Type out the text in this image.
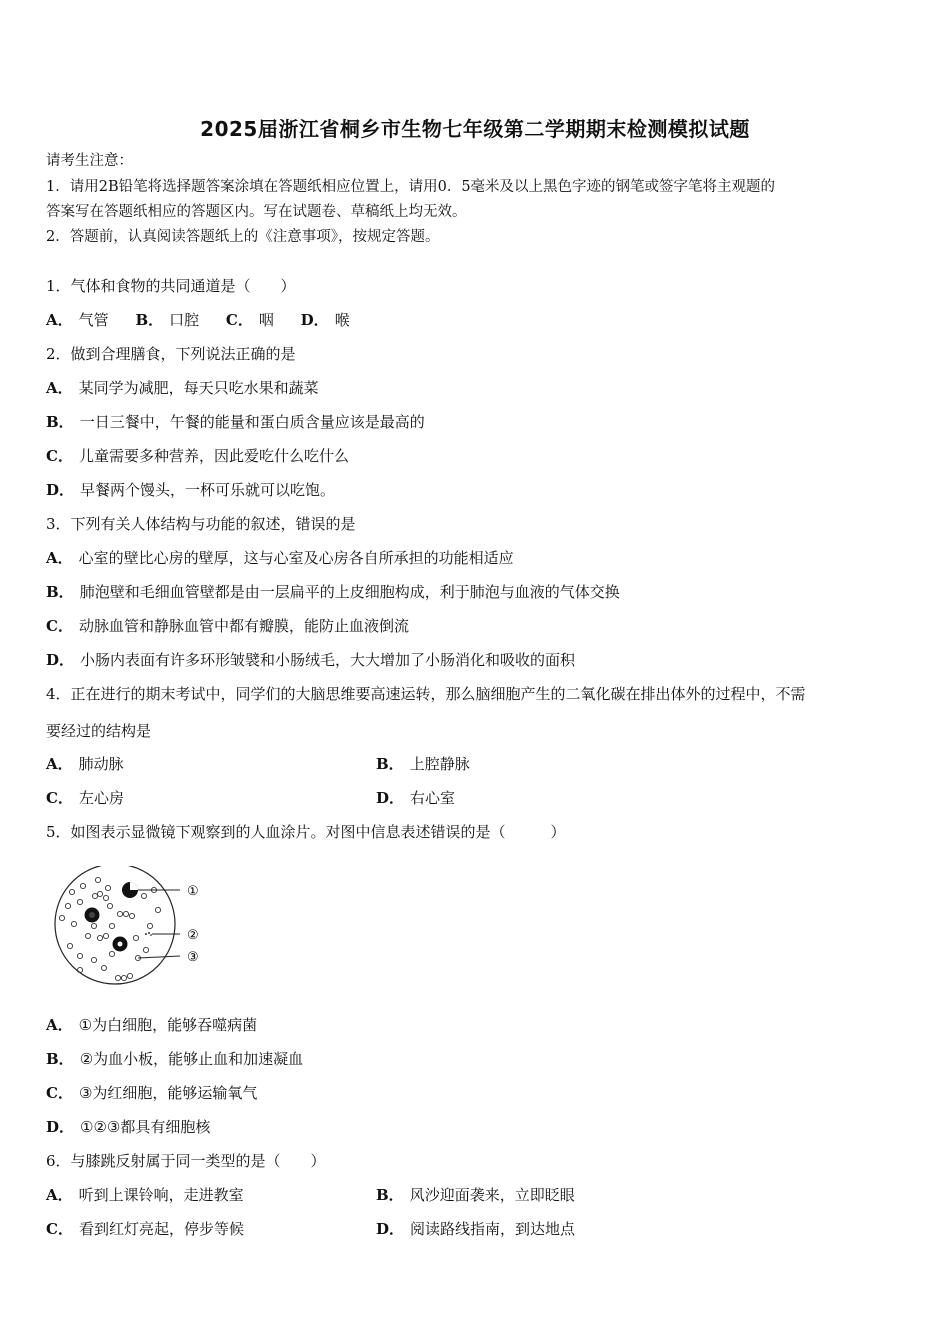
2025届浙江省桐乡市生物七年级第二学期期末检测模拟试题
请考生注意：
1．请用2B铅笔将选择题答案涂填在答题纸相应位置上，请用0．5毫米及以上黑色字迹的钢笔或签字笔将主观题的
答案写在答题纸相应的答题区内。写在试题卷、草稿纸上均无效。
2．答题前，认真阅读答题纸上的《注意事项》，按规定答题。
1．气体和食物的共同通道是（　　）
A． 气管 B． 口腔 C． 咽 D． 喉
2．做到合理膳食，下列说法正确的是
A． 某同学为减肥，每天只吃水果和蔬菜
B． 一日三餐中，午餐的能量和蛋白质含量应该是最高的
C． 儿童需要多种营养，因此爱吃什么吃什么
D． 早餐两个馒头，一杯可乐就可以吃饱。
3．下列有关人体结构与功能的叙述，错误的是
A． 心室的壁比心房的壁厚，这与心室及心房各自所承担的功能相适应
B． 肺泡壁和毛细血管壁都是由一层扁平的上皮细胞构成，利于肺泡与血液的气体交换
C． 动脉血管和静脉血管中都有瓣膜，能防止血液倒流
D． 小肠内表面有许多环形皱襞和小肠绒毛，大大增加了小肠消化和吸收的面积
4．正在进行的期末考试中，同学们的大脑思维要高速运转，那么脑细胞产生的二氧化碳在排出体外的过程中，不需
要经过的结构是
A． 肺动脉	B． 上腔静脉
C． 左心房	D． 右心室
5．如图表示显微镜下观察到的人血涂片。对图中信息表述错误的是（　　　）
①
②
③
A． ①为白细胞，能够吞噬病菌
B． ②为血小板，能够止血和加速凝血
C． ③为红细胞，能够运输氧气
D． ①②③都具有细胞核
6．与膝跳反射属于同一类型的是（　　）
A． 听到上课铃响，走进教室	B． 风沙迎面袭来，立即眨眼
C． 看到红灯亮起，停步等候	D． 阅读路线指南，到达地点
